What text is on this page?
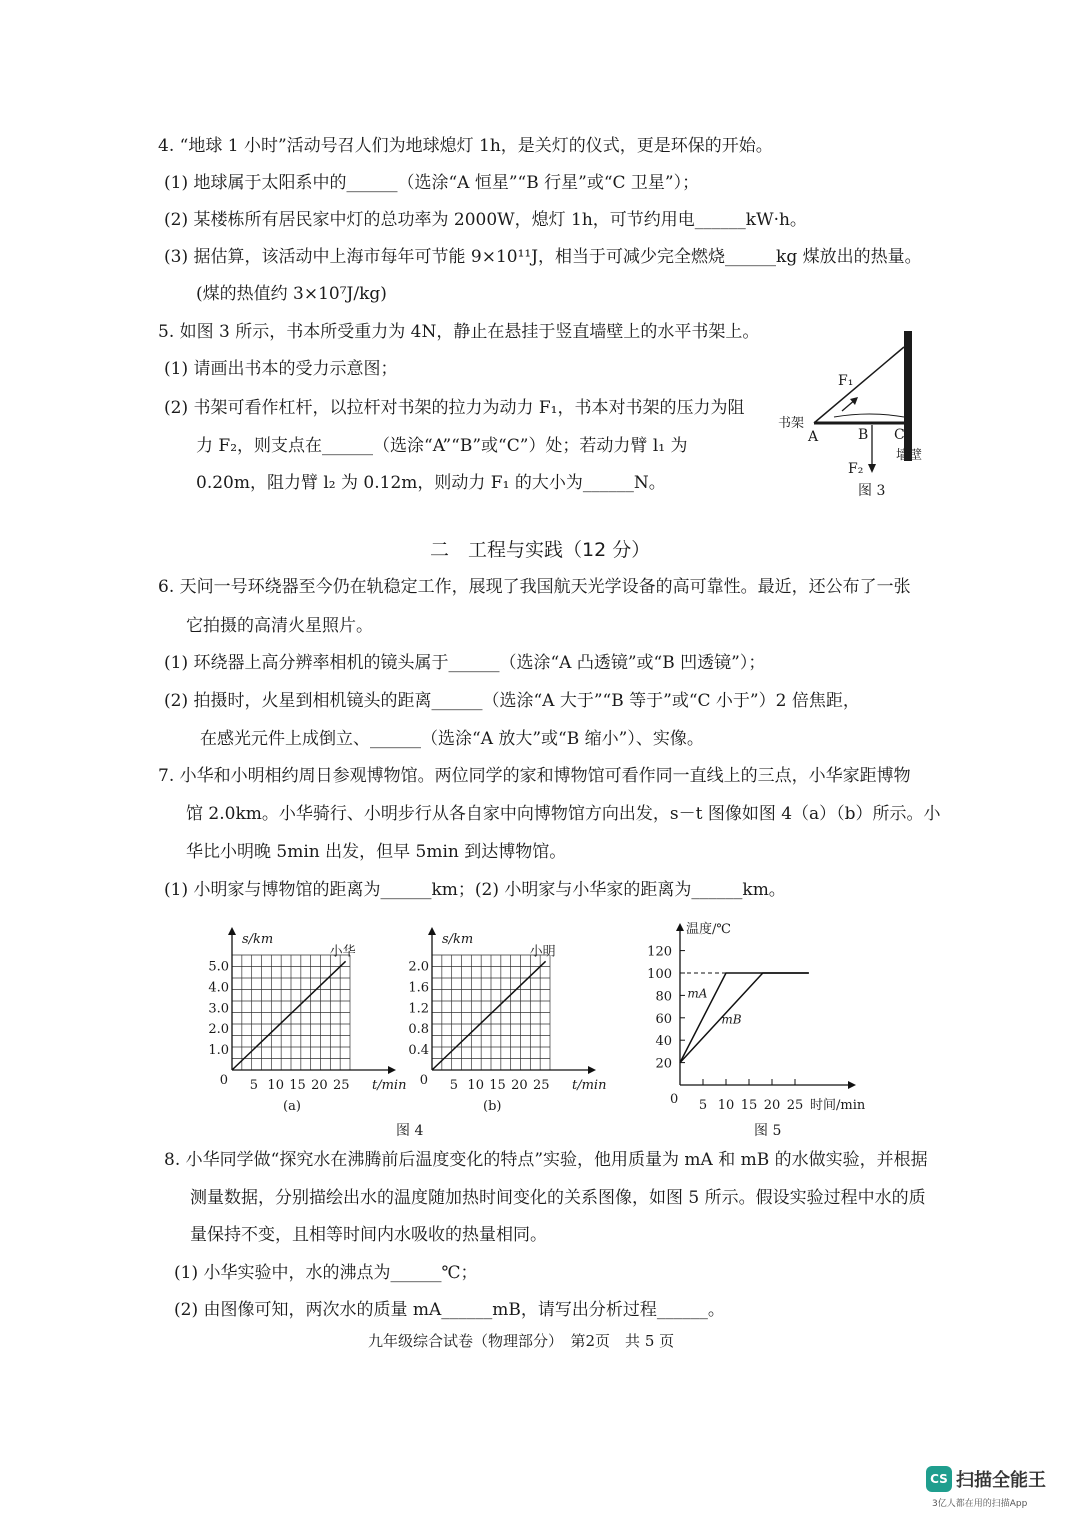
4. “地球 1 小时”活动号召人们为地球熄灯 1h，是关灯的仪式，更是环保的开始。
(1) 地球属于太阳系中的______（选涂“A 恒星”“B 行星”或“C 卫星”）；
(2) 某楼栋所有居民家中灯的总功率为 2000W，熄灯 1h，可节约用电______kW·h。
(3) 据估算，该活动中上海市每年可节能 9×10¹¹J，相当于可减少完全燃烧______kg 煤放出的热量。
(煤的热值约 3×10⁷J/kg)
5. 如图 3 所示，书本所受重力为 4N，静止在悬挂于竖直墙壁上的水平书架上。
(1) 请画出书本的受力示意图；
(2) 书架可看作杠杆，以拉杆对书架的拉力为动力 F₁，书本对书架的压力为阻
力 F₂，则支点在______（选涂“A”“B”或“C”）处；若动力臂 l₁ 为
0.20m，阻力臂 l₂ 为 0.12m，则动力 F₁ 的大小为______N。
F₁
F₂
书架
A	B C
墙壁
图 3
二　工程与实践（12 分）
6. 天问一号环绕器至今仍在轨稳定工作，展现了我国航天光学设备的高可靠性。最近，还公布了一张
它拍摄的高清火星照片。
(1) 环绕器上高分辨率相机的镜头属于______（选涂“A 凸透镜”或“B 凹透镜”）；
(2) 拍摄时，火星到相机镜头的距离______（选涂“A 大于”“B 等于”或“C 小于”）2 倍焦距，
在感光元件上成倒立、______（选涂“A 放大”或“B 缩小”）、实像。
7. 小华和小明相约周日参观博物馆。两位同学的家和博物馆可看作同一直线上的三点，小华家距博物
馆 2.0km。小华骑行、小明步行从各自家中向博物馆方向出发，s－t 图像如图 4（a）（b）所示。小
华比小明晚 5min 出发，但早 5min 到达博物馆。
(1) 小明家与博物馆的距离为______km；(2) 小明家与小华家的距离为______km。
s/km
t/min
0 5 10 15 20 25
1.0
2.0
3.0
4.0
5.0
小华
(a)
s/km
t/min
0 5 10 15 20 25
0.4
0.8
1.2
1.6
2.0
小明
(b)
温度/℃
时间/min
0 5 10 15 20 25
20
40
60
80
100
120
mA
mB
图 4	图 5
8. 小华同学做“探究水在沸腾前后温度变化的特点”实验，他用质量为 mA 和 mB 的水做实验，并根据
测量数据，分别描绘出水的温度随加热时间变化的关系图像，如图 5 所示。假设实验过程中水的质
量保持不变，且相等时间内水吸收的热量相同。
(1) 小华实验中，水的沸点为______℃；
(2) 由图像可知，两次水的质量 mA______mB，请写出分析过程______。
九年级综合试卷（物理部分）　第2页　共 5 页
CS 扫描全能王
3亿人都在用的扫描App
